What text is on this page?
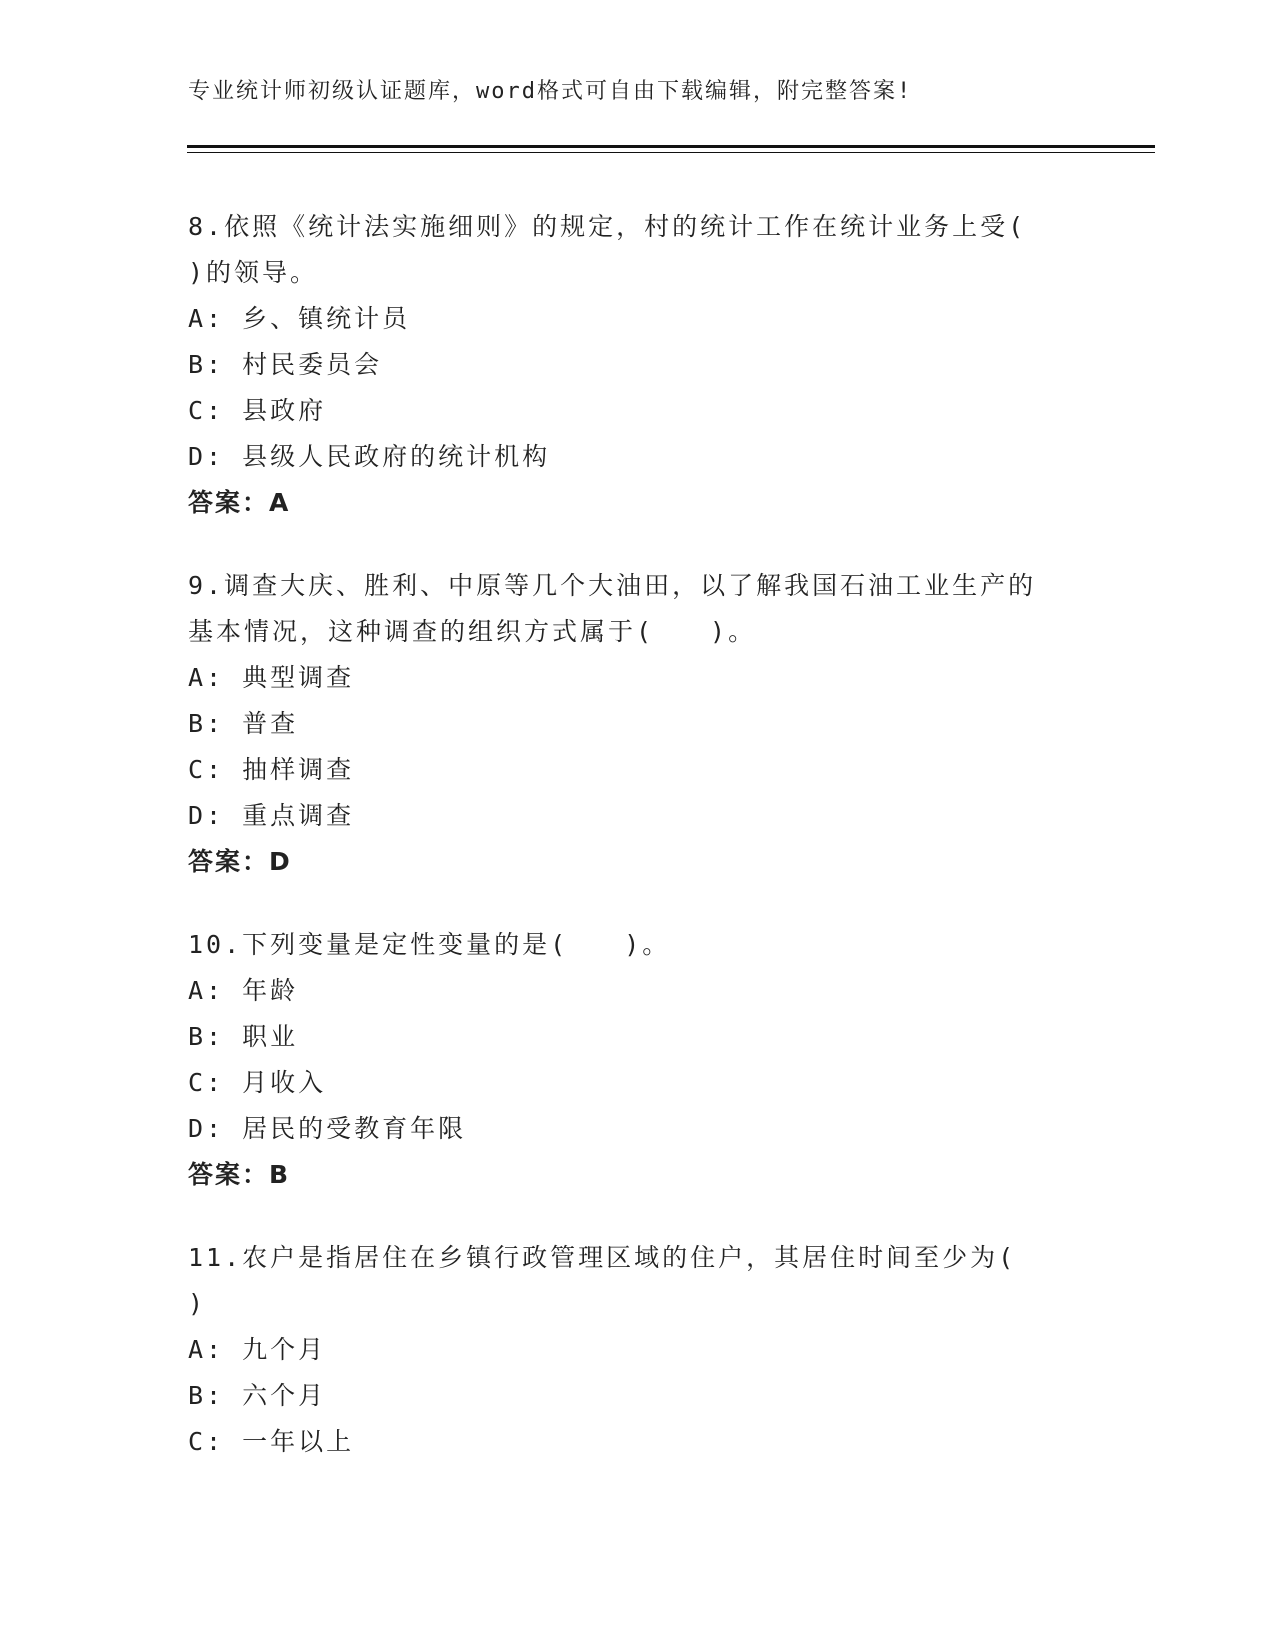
专业统计师初级认证题库，word格式可自由下载编辑，附完整答案!

8.依照《统计法实施细则》的规定，村的统计工作在统计业务上受(

)的领导。

A: 乡、镇统计员

B: 村民委员会

C: 县政府

D: 县级人民政府的统计机构

答案：A

9.调查大庆、胜利、中原等几个大油田，以了解我国石油工业生产的

基本情况，这种调查的组织方式属于(　　)。

A: 典型调查

B: 普查

C: 抽样调查

D: 重点调查

答案：D

10.下列变量是定性变量的是(　　)。

A: 年龄

B: 职业

C: 月收入

D: 居民的受教育年限

答案：B

11.农户是指居住在乡镇行政管理区域的住户，其居住时间至少为(

)

A: 九个月

B: 六个月

C: 一年以上
